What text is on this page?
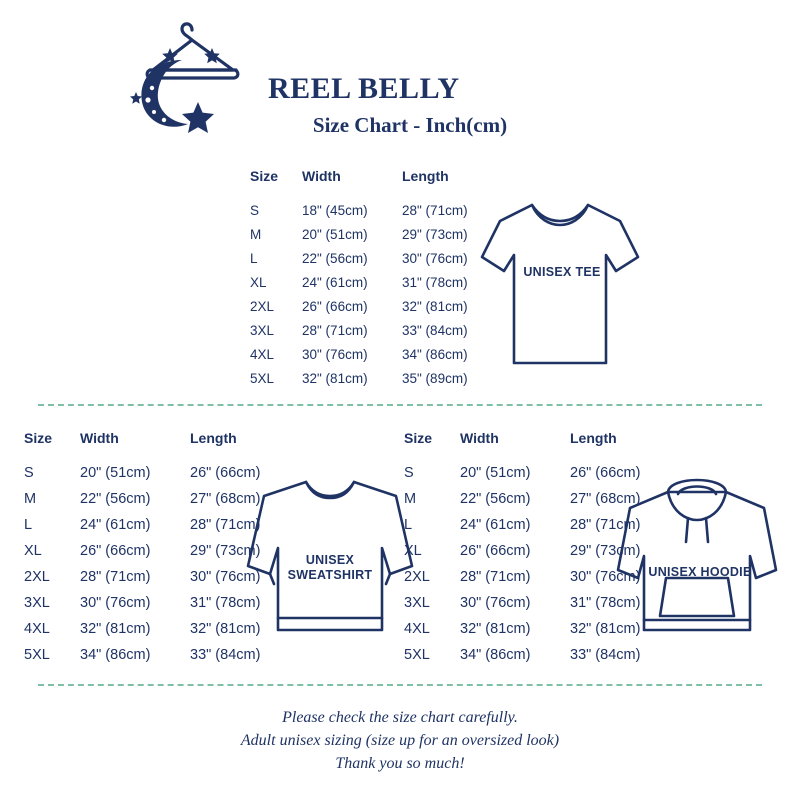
REEL BELLY
Size Chart - Inch(cm)
Size	Width	Length
S	18" (45cm)	28" (71cm)
M	20" (51cm)	29" (73cm)
L	22" (56cm)	30" (76cm)
XL	24" (61cm)	31" (78cm)
2XL	26" (66cm)	32" (81cm)
3XL	28" (71cm)	33" (84cm)
4XL	30" (76cm)	34" (86cm)
5XL	32" (81cm)	35" (89cm)
UNISEX TEE
Size	Width	Length
S	20" (51cm)	26" (66cm)
M	22" (56cm)	27" (68cm)
L	24" (61cm)	28" (71cm)
XL	26" (66cm)	29" (73cm)
2XL	28" (71cm)	30" (76cm)
3XL	30" (76cm)	31" (78cm)
4XL	32" (81cm)	32" (81cm)
5XL	34" (86cm)	33" (84cm)
UNISEX
SWEATSHIRT
Size	Width	Length
S	20" (51cm)	26" (66cm)
M	22" (56cm)	27" (68cm)
L	24" (61cm)	28" (71cm)
XL	26" (66cm)	29" (73cm)
2XL	28" (71cm)	30" (76cm)
3XL	30" (76cm)	31" (78cm)
4XL	32" (81cm)	32" (81cm)
5XL	34" (86cm)	33" (84cm)
UNISEX HOODIE
Please check the size chart carefully.
Adult unisex sizing (size up for an oversized look)
Thank you so much!
